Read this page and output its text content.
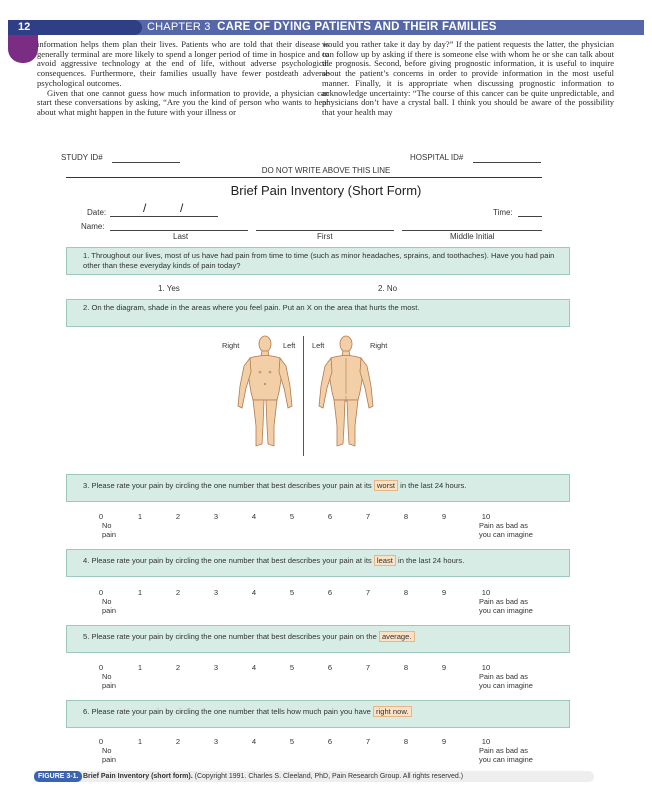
12	CHAPTER 3 CARE OF DYING PATIENTS AND THEIR FAMILIES

information helps them plan their lives. Patients who are told that their disease is generally terminal are more likely to spend a longer period of time in hospice and to avoid aggressive technology at the end of life, without adverse psychological consequences. Furthermore, their families usually have fewer postdeath adverse psychological outcomes.

Given that one cannot guess how much information to provide, a physician can start these conversations by asking, “Are you the kind of person who wants to hear about what might happen in the future with your illness or

would you rather take it day by day?” If the patient requests the latter, the physician can follow up by asking if there is someone else with whom he or she can talk about the prognosis. Second, before giving prognostic information, it is useful to inquire about the patient’s concerns in order to provide information in the most useful manner. Finally, it is appropriate when discussing prognostic information to acknowledge uncertainty: “The course of this cancer can be quite unpredictable, and physicians don’t have a crystal ball. I think you should be aware of the possibility that your health may

STUDY ID#	HOSPITAL ID#
DO NOT WRITE ABOVE THIS LINE
Brief Pain Inventory (Short Form)
Date:	/	/	Time:
Name:
Last	First	Middle Initial
1. Throughout our lives, most of us have had pain from time to time (such as minor headaches, sprains, and toothaches). Have you had pain other than these everyday kinds of pain today?
1. Yes	2. No
2. On the diagram, shade in the areas where you feel pain. Put an X on the area that hurts the most.
Right	Left Left	Right
3. Please rate your pain by circling the one number that best describes your pain at its worst in the last 24 hours.
0	1	2	3	4	5	6	7	8	9	10
No
pain
Pain as bad as
you can imagine
4. Please rate your pain by circling the one number that best describes your pain at its least in the last 24 hours.
0	1	2	3	4	5	6	7	8	9	10
No
pain
Pain as bad as
you can imagine
5. Please rate your pain by circling the one number that best describes your pain on the average.
0	1	2	3	4	5	6	7	8	9	10
No
pain
Pain as bad as
you can imagine
6. Please rate your pain by circling the one number that tells how much pain you have right now.
0	1	2	3	4	5	6	7	8	9	10
No
pain
Pain as bad as
you can imagine
FIGURE 3-1. Brief Pain Inventory (short form). (Copyright 1991. Charles S. Cleeland, PhD, Pain Research Group. All rights reserved.)
